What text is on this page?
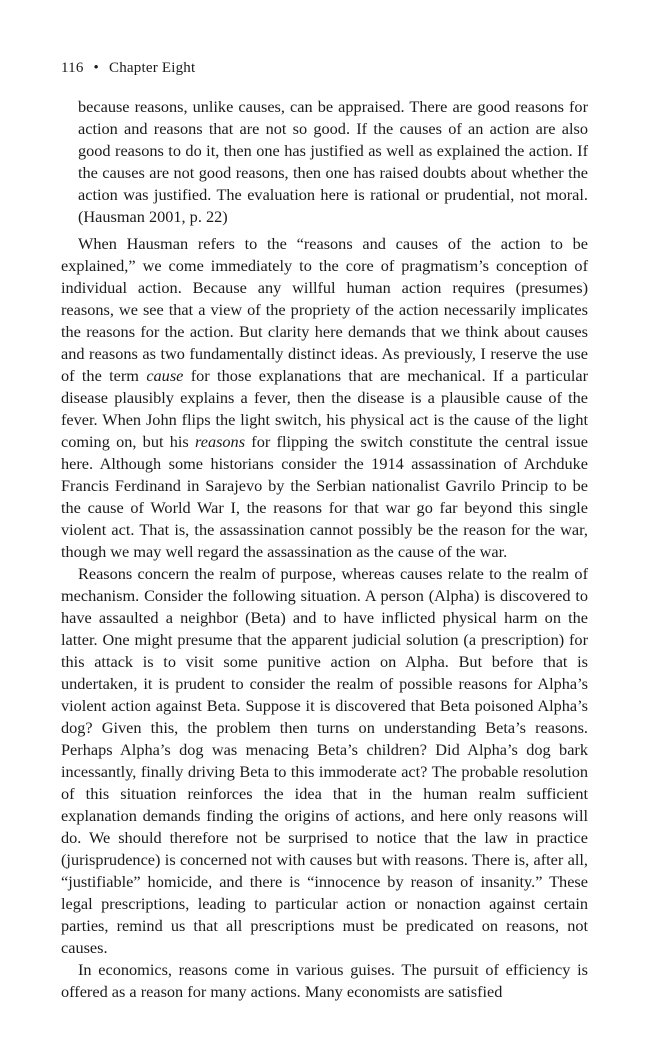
116 • Chapter Eight

because reasons, unlike causes, can be appraised. There are good reasons for action and reasons that are not so good. If the causes of an action are also good reasons to do it, then one has justified as well as explained the action. If the causes are not good reasons, then one has raised doubts about whether the action was justified. The evaluation here is rational or prudential, not moral. (Hausman 2001, p. 22)

When Hausman refers to the “reasons and causes of the action to be explained,” we come immediately to the core of pragmatism’s conception of individual action. Because any willful human action requires (presumes) reasons, we see that a view of the propriety of the action necessarily implicates the reasons for the action. But clarity here demands that we think about causes and reasons as two fundamentally distinct ideas. As previously, I reserve the use of the term cause for those explanations that are mechanical. If a particular disease plausibly explains a fever, then the disease is a plausible cause of the fever. When John flips the light switch, his physical act is the cause of the light coming on, but his reasons for flipping the switch constitute the central issue here. Although some historians consider the 1914 assassination of Archduke Francis Ferdinand in Sarajevo by the Serbian nationalist Gavrilo Princip to be the cause of World War I, the reasons for that war go far beyond this single violent act. That is, the assassination cannot possibly be the reason for the war, though we may well regard the assassination as the cause of the war.

Reasons concern the realm of purpose, whereas causes relate to the realm of mechanism. Consider the following situation. A person (Alpha) is discovered to have assaulted a neighbor (Beta) and to have inflicted physical harm on the latter. One might presume that the apparent judicial solution (a prescription) for this attack is to visit some punitive action on Alpha. But before that is undertaken, it is prudent to consider the realm of possible reasons for Alpha’s violent action against Beta. Suppose it is discovered that Beta poisoned Alpha’s dog? Given this, the problem then turns on understanding Beta’s reasons. Perhaps Alpha’s dog was menacing Beta’s children? Did Alpha’s dog bark incessantly, finally driving Beta to this immoderate act? The probable resolution of this situation reinforces the idea that in the human realm sufficient explanation demands finding the origins of actions, and here only reasons will do. We should therefore not be surprised to notice that the law in practice (jurisprudence) is concerned not with causes but with reasons. There is, after all, “justifiable” homicide, and there is “innocence by reason of insanity.” These legal prescriptions, leading to particular action or nonaction against certain parties, remind us that all prescriptions must be predicated on reasons, not causes.

In economics, reasons come in various guises. The pursuit of efficiency is offered as a reason for many actions. Many economists are satisfied
